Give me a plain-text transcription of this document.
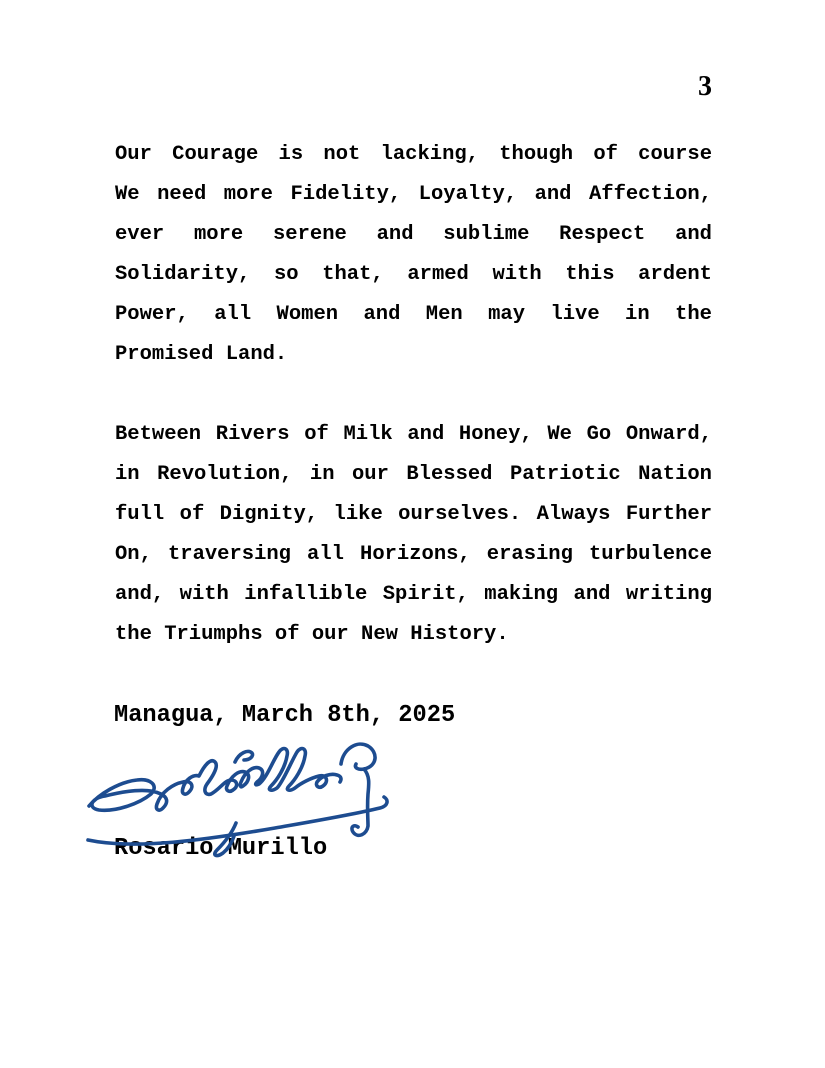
3
Our Courage is not lacking, though of course
We need more Fidelity, Loyalty, and Affection,
ever more serene and sublime Respect and
Solidarity, so that, armed with this ardent
Power, all Women and Men may live in the
Promised Land.
Between Rivers of Milk and Honey, We Go Onward,
in Revolution, in our Blessed Patriotic Nation
full of Dignity, like ourselves. Always Further
On, traversing all Horizons, erasing turbulence
and, with infallible Spirit, making and writing
the Triumphs of our New History.
Managua, March 8th, 2025
Rosario Murillo
